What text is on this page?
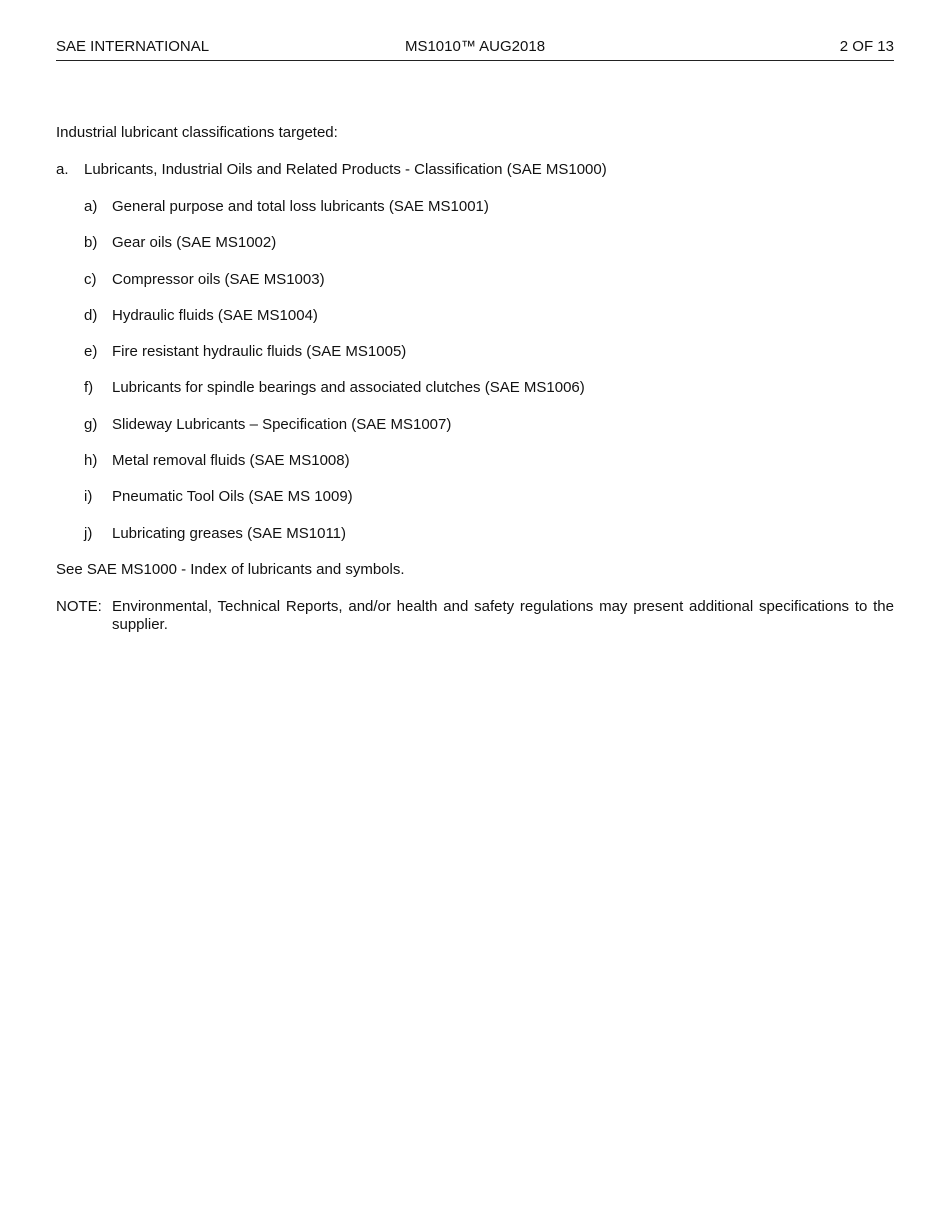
SAE INTERNATIONAL	MS1010™ AUG2018	2 OF 13

Industrial lubricant classifications targeted:

a.	Lubricants, Industrial Oils and Related Products - Classification (SAE MS1000)
a) General purpose and total loss lubricants (SAE MS1001)
b) Gear oils (SAE MS1002)
c)	Compressor oils (SAE MS1003)
d) Hydraulic fluids (SAE MS1004)
e) Fire resistant hydraulic fluids (SAE MS1005)
f)	Lubricants for spindle bearings and associated clutches (SAE MS1006)
g) Slideway Lubricants – Specification (SAE MS1007)
h) Metal removal fluids (SAE MS1008)
i)	Pneumatic Tool Oils (SAE MS 1009)
j)	Lubricating greases (SAE MS1011)

See SAE MS1000 - Index of lubricants and symbols.

NOTE: Environmental, Technical Reports, and/or health and safety regulations may present additional specifications to the supplier.
